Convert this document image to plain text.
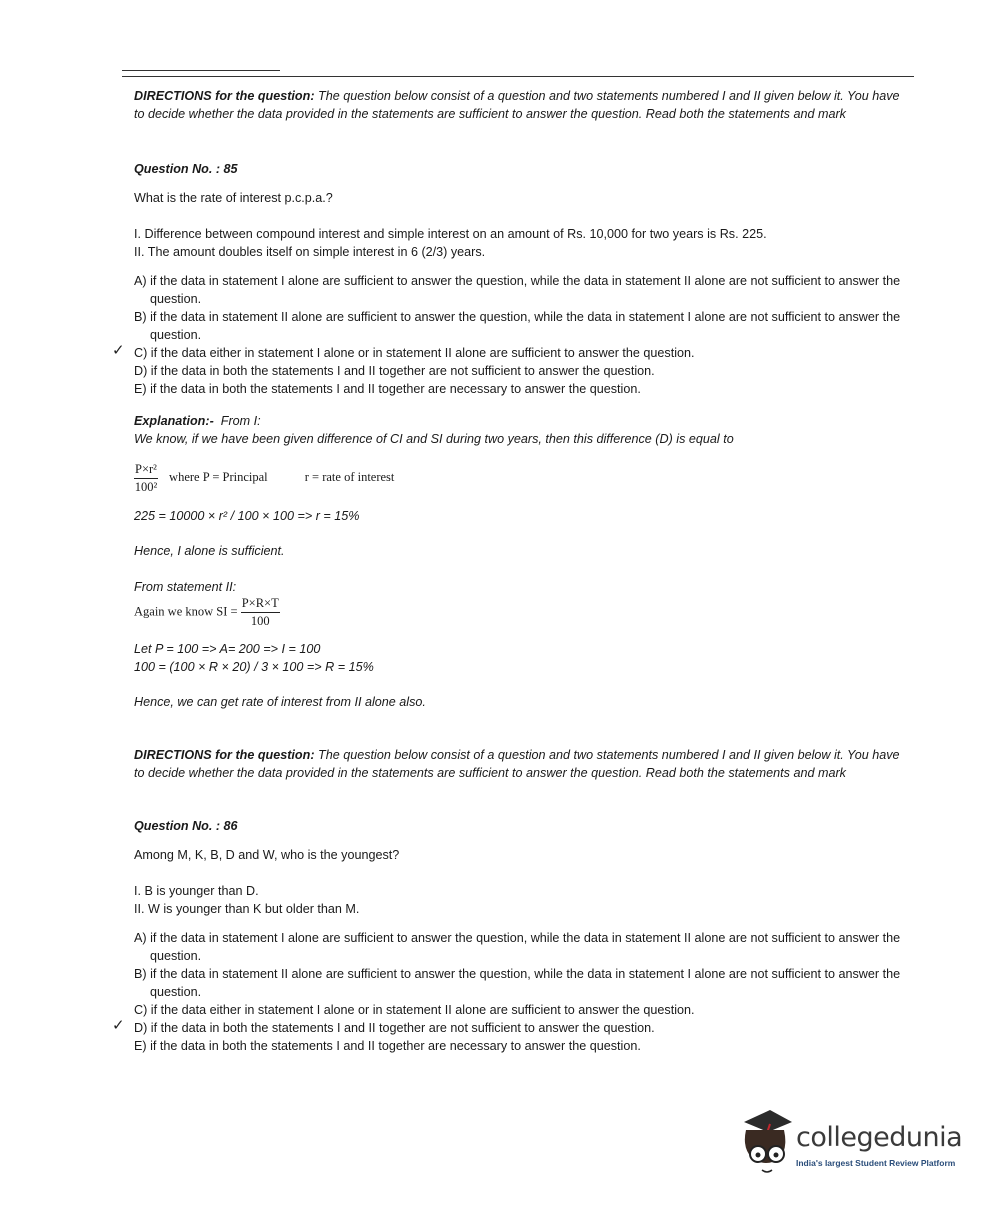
DIRECTIONS for the question: The question below consist of a question and two statements numbered I and II given below it. You have to decide whether the data provided in the statements are sufficient to answer the question. Read both the statements and mark

Question No. : 85

What is the rate of interest p.c.p.a.?

I. Difference between compound interest and simple interest on an amount of Rs. 10,000 for two years is Rs. 225.

II. The amount doubles itself on simple interest in 6 (2/3) years.

A) if the data in statement I alone are sufficient to answer the question, while the data in statement II alone are not sufficient to answer the question.

B) if the data in statement II alone are sufficient to answer the question, while the data in statement I alone are not sufficient to answer the question.

✓ C) if the data either in statement I alone or in statement II alone are sufficient to answer the question.

D) if the data in both the statements I and II together are not sufficient to answer the question.

E) if the data in both the statements I and II together are necessary to answer the question.

Explanation:- From I:

We know, if we have been given difference of CI and SI during two years, then this difference (D) is equal to

$\frac{\text{P×r²}}{\text{100²}}$ where P = Principal	r = rate of interest

225 = 10000 × r² / 100 × 100 => r = 15%

Hence, I alone is sufficient.

From statement II:

Again we know SI = $\frac{P\times R\times T}{100}$

Let P = 100 => A= 200 => I = 100

100 = (100 × R × 20) / 3 × 100 => R = 15%

Hence, we can get rate of interest from II alone also.

DIRECTIONS for the question: The question below consist of a question and two statements numbered I and II given below it. You have to decide whether the data provided in the statements are sufficient to answer the question. Read both the statements and mark

Question No. : 86

Among M, K, B, D and W, who is the youngest?

I. B is younger than D.

II. W is younger than K but older than M.

A) if the data in statement I alone are sufficient to answer the question, while the data in statement II alone are not sufficient to answer the question.

B) if the data in statement II alone are sufficient to answer the question, while the data in statement I alone are not sufficient to answer the question.

C) if the data either in statement I alone or in statement II alone are sufficient to answer the question.

✓ D) if the data in both the statements I and II together are not sufficient to answer the question.

E) if the data in both the statements I and II together are necessary to answer the question.

collegedunia
India's largest Student Review Platform
